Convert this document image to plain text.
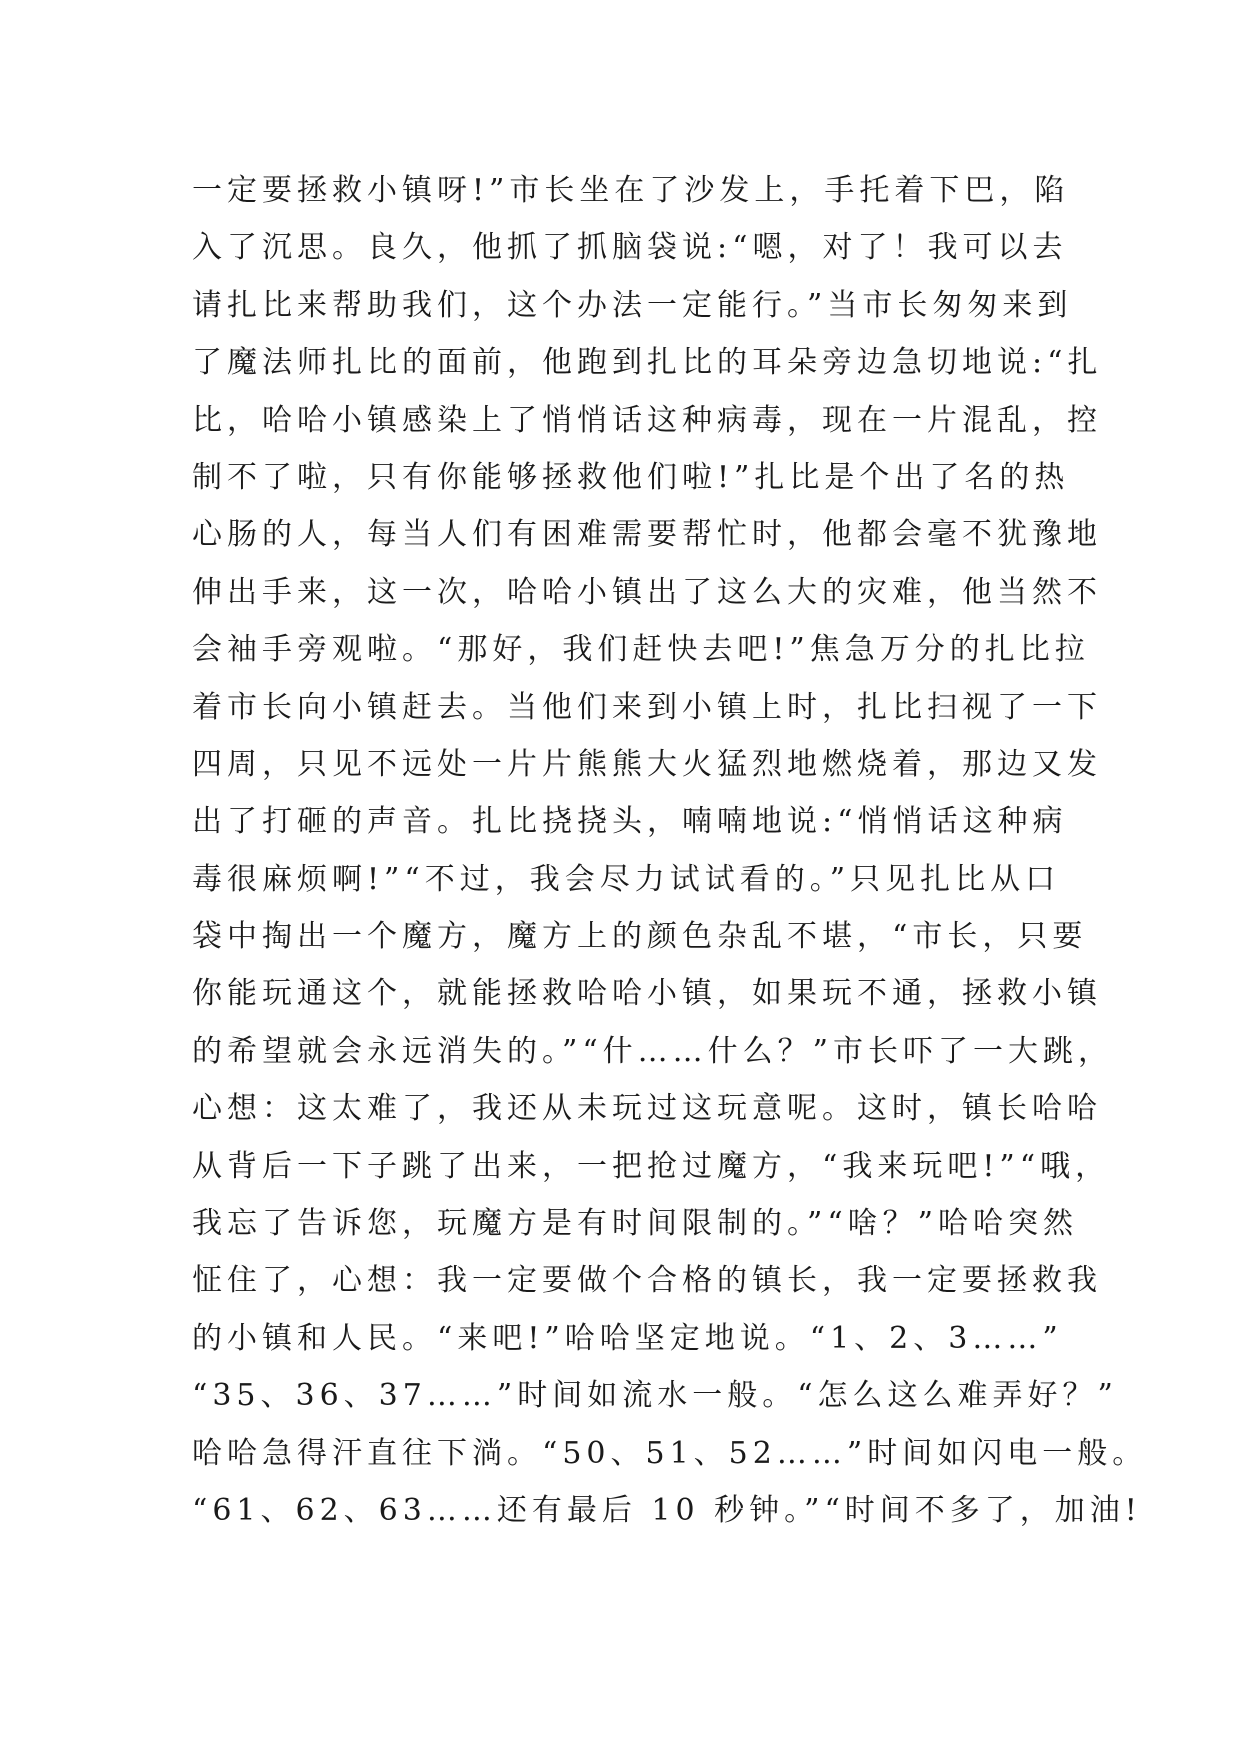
一定要拯救小镇呀!”市长坐在了沙发上，手托着下巴，陷
入了沉思。良久，他抓了抓脑袋说:“嗯，对了！我可以去
请扎比来帮助我们，这个办法一定能行。”当市长匆匆来到
了魔法师扎比的面前，他跑到扎比的耳朵旁边急切地说:“扎
比，哈哈小镇感染上了悄悄话这种病毒，现在一片混乱，控
制不了啦，只有你能够拯救他们啦!”扎比是个出了名的热
心肠的人，每当人们有困难需要帮忙时，他都会毫不犹豫地
伸出手来，这一次，哈哈小镇出了这么大的灾难，他当然不
会袖手旁观啦。“那好，我们赶快去吧!”焦急万分的扎比拉
着市长向小镇赶去。当他们来到小镇上时，扎比扫视了一下
四周，只见不远处一片片熊熊大火猛烈地燃烧着，那边又发
出了打砸的声音。扎比挠挠头，喃喃地说:“悄悄话这种病
毒很麻烦啊!”“不过，我会尽力试试看的。”只见扎比从口
袋中掏出一个魔方，魔方上的颜色杂乱不堪，“市长，只要
你能玩通这个，就能拯救哈哈小镇，如果玩不通，拯救小镇
的希望就会永远消失的。”“什……什么？”市长吓了一大跳，
心想：这太难了，我还从未玩过这玩意呢。这时，镇长哈哈
从背后一下子跳了出来，一把抢过魔方，“我来玩吧!”“哦，
我忘了告诉您，玩魔方是有时间限制的。”“啥？”哈哈突然
怔住了，心想：我一定要做个合格的镇长，我一定要拯救我
的小镇和人民。“来吧!”哈哈坚定地说。“1、2、3……”
“35、36、37……”时间如流水一般。“怎么这么难弄好？”
哈哈急得汗直往下淌。“50、51、52……”时间如闪电一般。
“61、62、63……还有最后 10 秒钟。”“时间不多了，加油!
